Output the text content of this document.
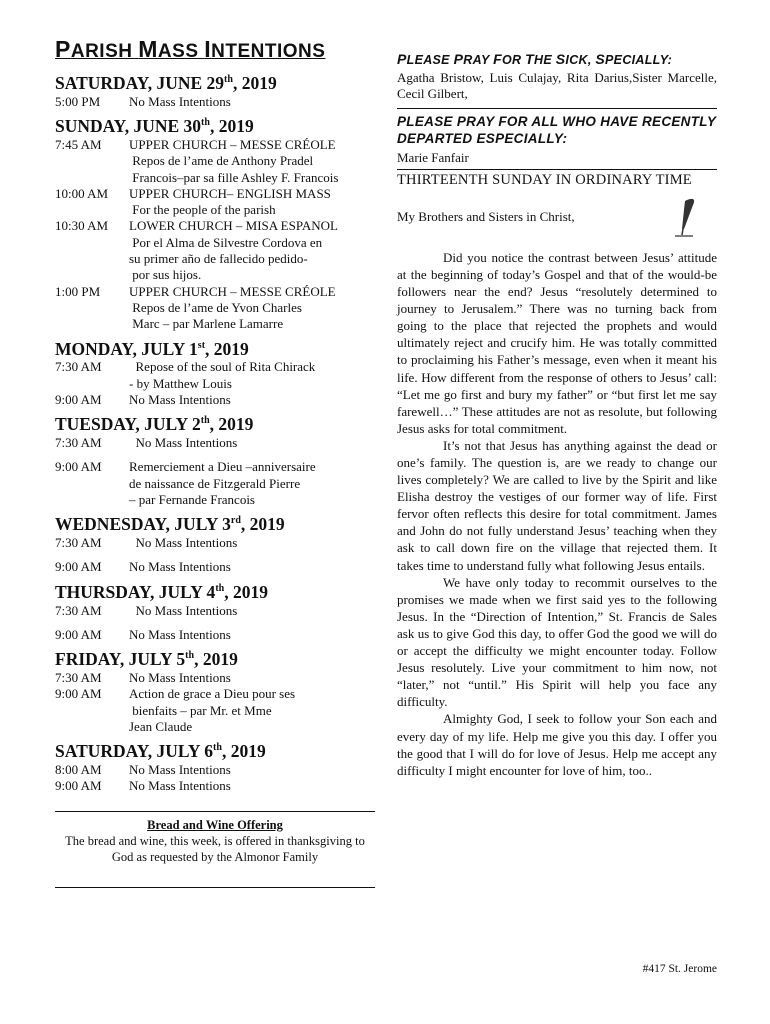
PARISH MASS INTENTIONS
SATURDAY, JUNE 29th, 2019
5:00 PM	No Mass Intentions
SUNDAY, JUNE 30th, 2019
7:45 AM	UPPER CHURCH – MESSE CRÉOLE
Repos de l’ame de Anthony Pradel
Francois–par sa fille Ashley F. Francois
10:00 AM	UPPER CHURCH– ENGLISH MASS
For the people of the parish
10:30 AM	LOWER CHURCH – MISA ESPANOL
Por el Alma de Silvestre Cordova en
su primer año de fallecido pedido-
por sus hijos.
1:00 PM	UPPER CHURCH – MESSE CRÉOLE
Repos de l’ame de Yvon Charles
Marc – par Marlene Lamarre
MONDAY, JULY 1st, 2019
7:30 AM	Repose of the soul of Rita Chirack
- by Matthew Louis
9:00 AM	No Mass Intentions
TUESDAY, JULY 2th, 2019
7:30 AM	No Mass Intentions
9:00 AM	Remerciement a Dieu –anniversaire
de naissance de Fitzgerald Pierre
– par Fernande Francois
WEDNESDAY, JULY 3rd, 2019
7:30 AM	No Mass Intentions
9:00 AM	No Mass Intentions
THURSDAY, JULY 4th, 2019
7:30 AM	No Mass Intentions
9:00 AM	No Mass Intentions
FRIDAY, JULY 5th, 2019
7:30 AM	No Mass Intentions
9:00 AM	Action de grace a Dieu pour ses
bienfaits – par Mr. et Mme
Jean Claude
SATURDAY, JULY 6th, 2019
8:00 AM	No Mass Intentions
9:00 AM	No Mass Intentions
Bread and Wine Offering
The bread and wine, this week, is offered in thanksgiving to God as requested by the Almonor Family
PLEASE PRAY FOR THE SICK, SPECIALLY:
Agatha Bristow, Luis Culajay, Rita Darius,Sister Marcelle, Cecil Gilbert,
PLEASE PRAY FOR ALL WHO HAVE RECENTLY DEPARTED ESPECIALLY:
Marie Fanfair
THIRTEENTH SUNDAY IN ORDINARY TIME
My Brothers and Sisters in Christ,

Did you notice the contrast between Jesus’ attitude at the beginning of today’s Gospel and that of the would-be followers near the end? Jesus “resolutely determined to journey to Jerusalem.” There was no turning back from going to the place that rejected the prophets and would ultimately reject and crucify him. He was totally committed to proclaiming his Father’s message, even when it meant his life. How different from the response of others to Jesus’ call: “Let me go first and bury my father” or “but first let me say farewell…” These attitudes are not as resolute, but following Jesus asks for total commitment.

It’s not that Jesus has anything against the dead or one’s family. The question is, are we ready to change our lives completely? We are called to live by the Spirit and like Elisha destroy the vestiges of our former way of life. First fervor often reflects this desire for total commitment. James and John do not fully understand Jesus’ teaching when they ask to call down fire on the village that rejected them. It takes time to understand fully what following Jesus entails.

We have only today to recommit ourselves to the promises we made when we first said yes to the following Jesus. In the “Direction of Intention,” St. Francis de Sales ask us to give God this day, to offer God the good we will do or accept the difficulty we might encounter today. Follow Jesus resolutely. Live your commitment to him now, not “later,” not “until.” His Spirit will help you face any difficulty.

Almighty God, I seek to follow your Son each and every day of my life. Help me give you this day. I offer you the good that I will do for love of Jesus. Help me accept any difficulty I might encounter for love of him, too..

#417 St. Jerome
